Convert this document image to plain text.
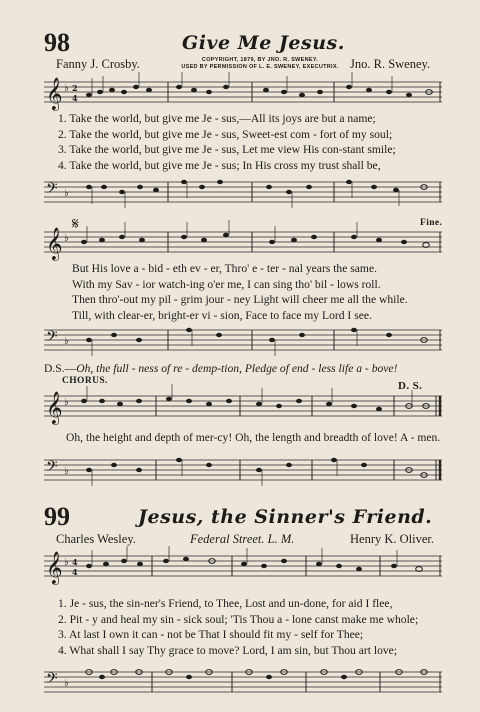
98	Give Me Jesus.
Fanny J. Crosby.	COPYRIGHT, 1879, BY JNO. R. SWENEY.
USED BY PERMISSION OF L. E. SWENEY, EXECUTRIX. Jno. R. Sweney.
𝄞 ♭ 2
4
1. Take the world, but give me Je - sus,—All its joys are but a name;
2. Take the world, but give me Je - sus, Sweet-est com - fort of my soul;
3. Take the world, but give me Je - sus, Let me view His con-stant smile;
4. Take the world, but give me Je - sus; In His cross my trust shall be,
𝄢 ♭
𝄋	Fine.
𝄞 ♭
But His love a - bid - eth ev - er, Thro' e - ter - nal years the same.
With my Sav - ior watch-ing o'er me, I can sing tho' bil - lows roll.
Then thro'-out my pil - grim jour - ney Light will cheer me all the while.
Till, with clear-er, bright-er vi - sion, Face to face my Lord I see.
𝄢 ♭
D.S.—Oh, the full - ness of re - demp-tion, Pledge of end - less life a - bove!
CHORUS.	D. S.
𝄞 ♭
Oh, the height and depth of mer-cy! Oh, the length and breadth of love! A - men.
𝄢 ♭
99	Jesus, the Sinner's Friend.
Charles Wesley.	Federal Street. L. M.	Henry K. Oliver.
𝄞 ♭ 4
4
1. Je - sus, the sin-ner's Friend, to Thee, Lost and un-done, for aid I flee,
2. Pit - y and heal my sin - sick soul; 'Tis Thou a - lone canst make me whole;
3. At last I own it can - not be That I should fit my - self for Thee;
4. What shall I say Thy grace to move? Lord, I am sin, but Thou art love;
𝄢 ♭
